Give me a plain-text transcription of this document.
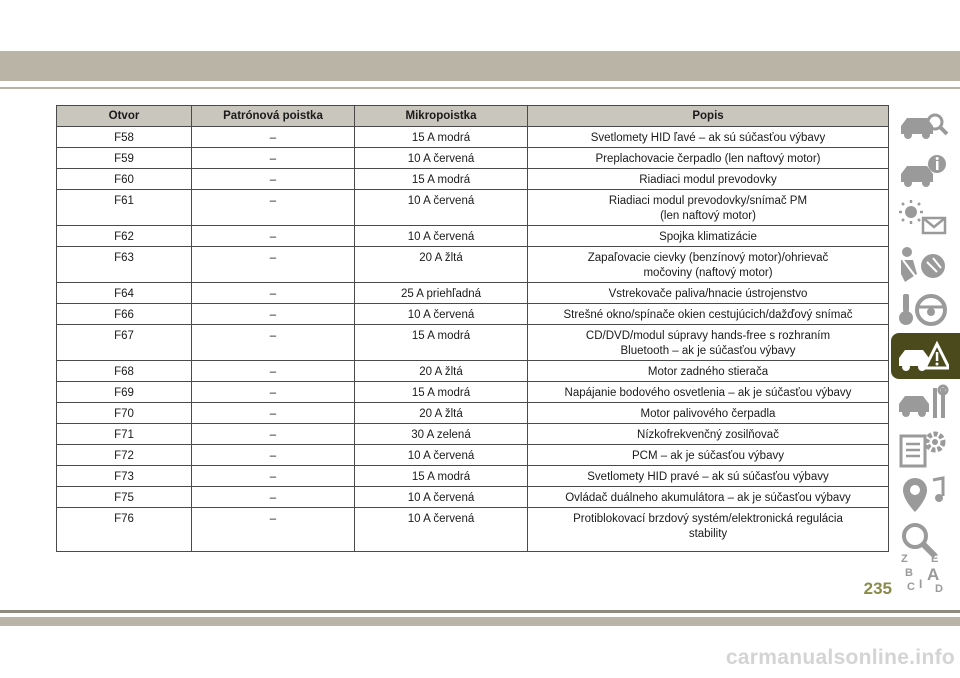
Otvor	Patrónová poistka	Mikropoistka	Popis
F58	–	15 A modrá	Svetlomety HID ľavé – ak sú súčasťou výbavy
F59	–	10 A červená	Preplachovacie čerpadlo (len naftový motor)
F60	–	15 A modrá	Riadiaci modul prevodovky
F61	–	10 A červená	Riadiaci modul prevodovky/snímač PM
(len naftový motor)
F62	–	10 A červená	Spojka klimatizácie
F63	–	20 A žltá	Zapaľovacie cievky (benzínový motor)/ohrievač
močoviny (naftový motor)
F64	–	25 A priehľadná	Vstrekovače paliva/hnacie ústrojenstvo
F66	–	10 A červená	Strešné okno/spínače okien cestujúcich/dažďový snímač
F67	–	15 A modrá	CD/DVD/modul súpravy hands-free s rozhraním
Bluetooth – ak je súčasťou výbavy
F68	–	20 A žltá	Motor zadného stierača
F69	–	15 A modrá	Napájanie bodového osvetlenia – ak je súčasťou výbavy
F70	–	20 A žltá	Motor palivového čerpadla
F71	–	30 A zelená	Nízkofrekvenčný zosilňovač
F72	–	10 A červená	PCM – ak je súčasťou výbavy
F73	–	15 A modrá	Svetlomety HID pravé – ak sú súčasťou výbavy
F75	–	10 A červená	Ovládač duálneho akumulátora – ak je súčasťou výbavy
F76	–	10 A červená	Protiblokovací brzdový systém/elektronická regulácia
stability
Z E
B A
C D
I
235
carmanualsonline.info
